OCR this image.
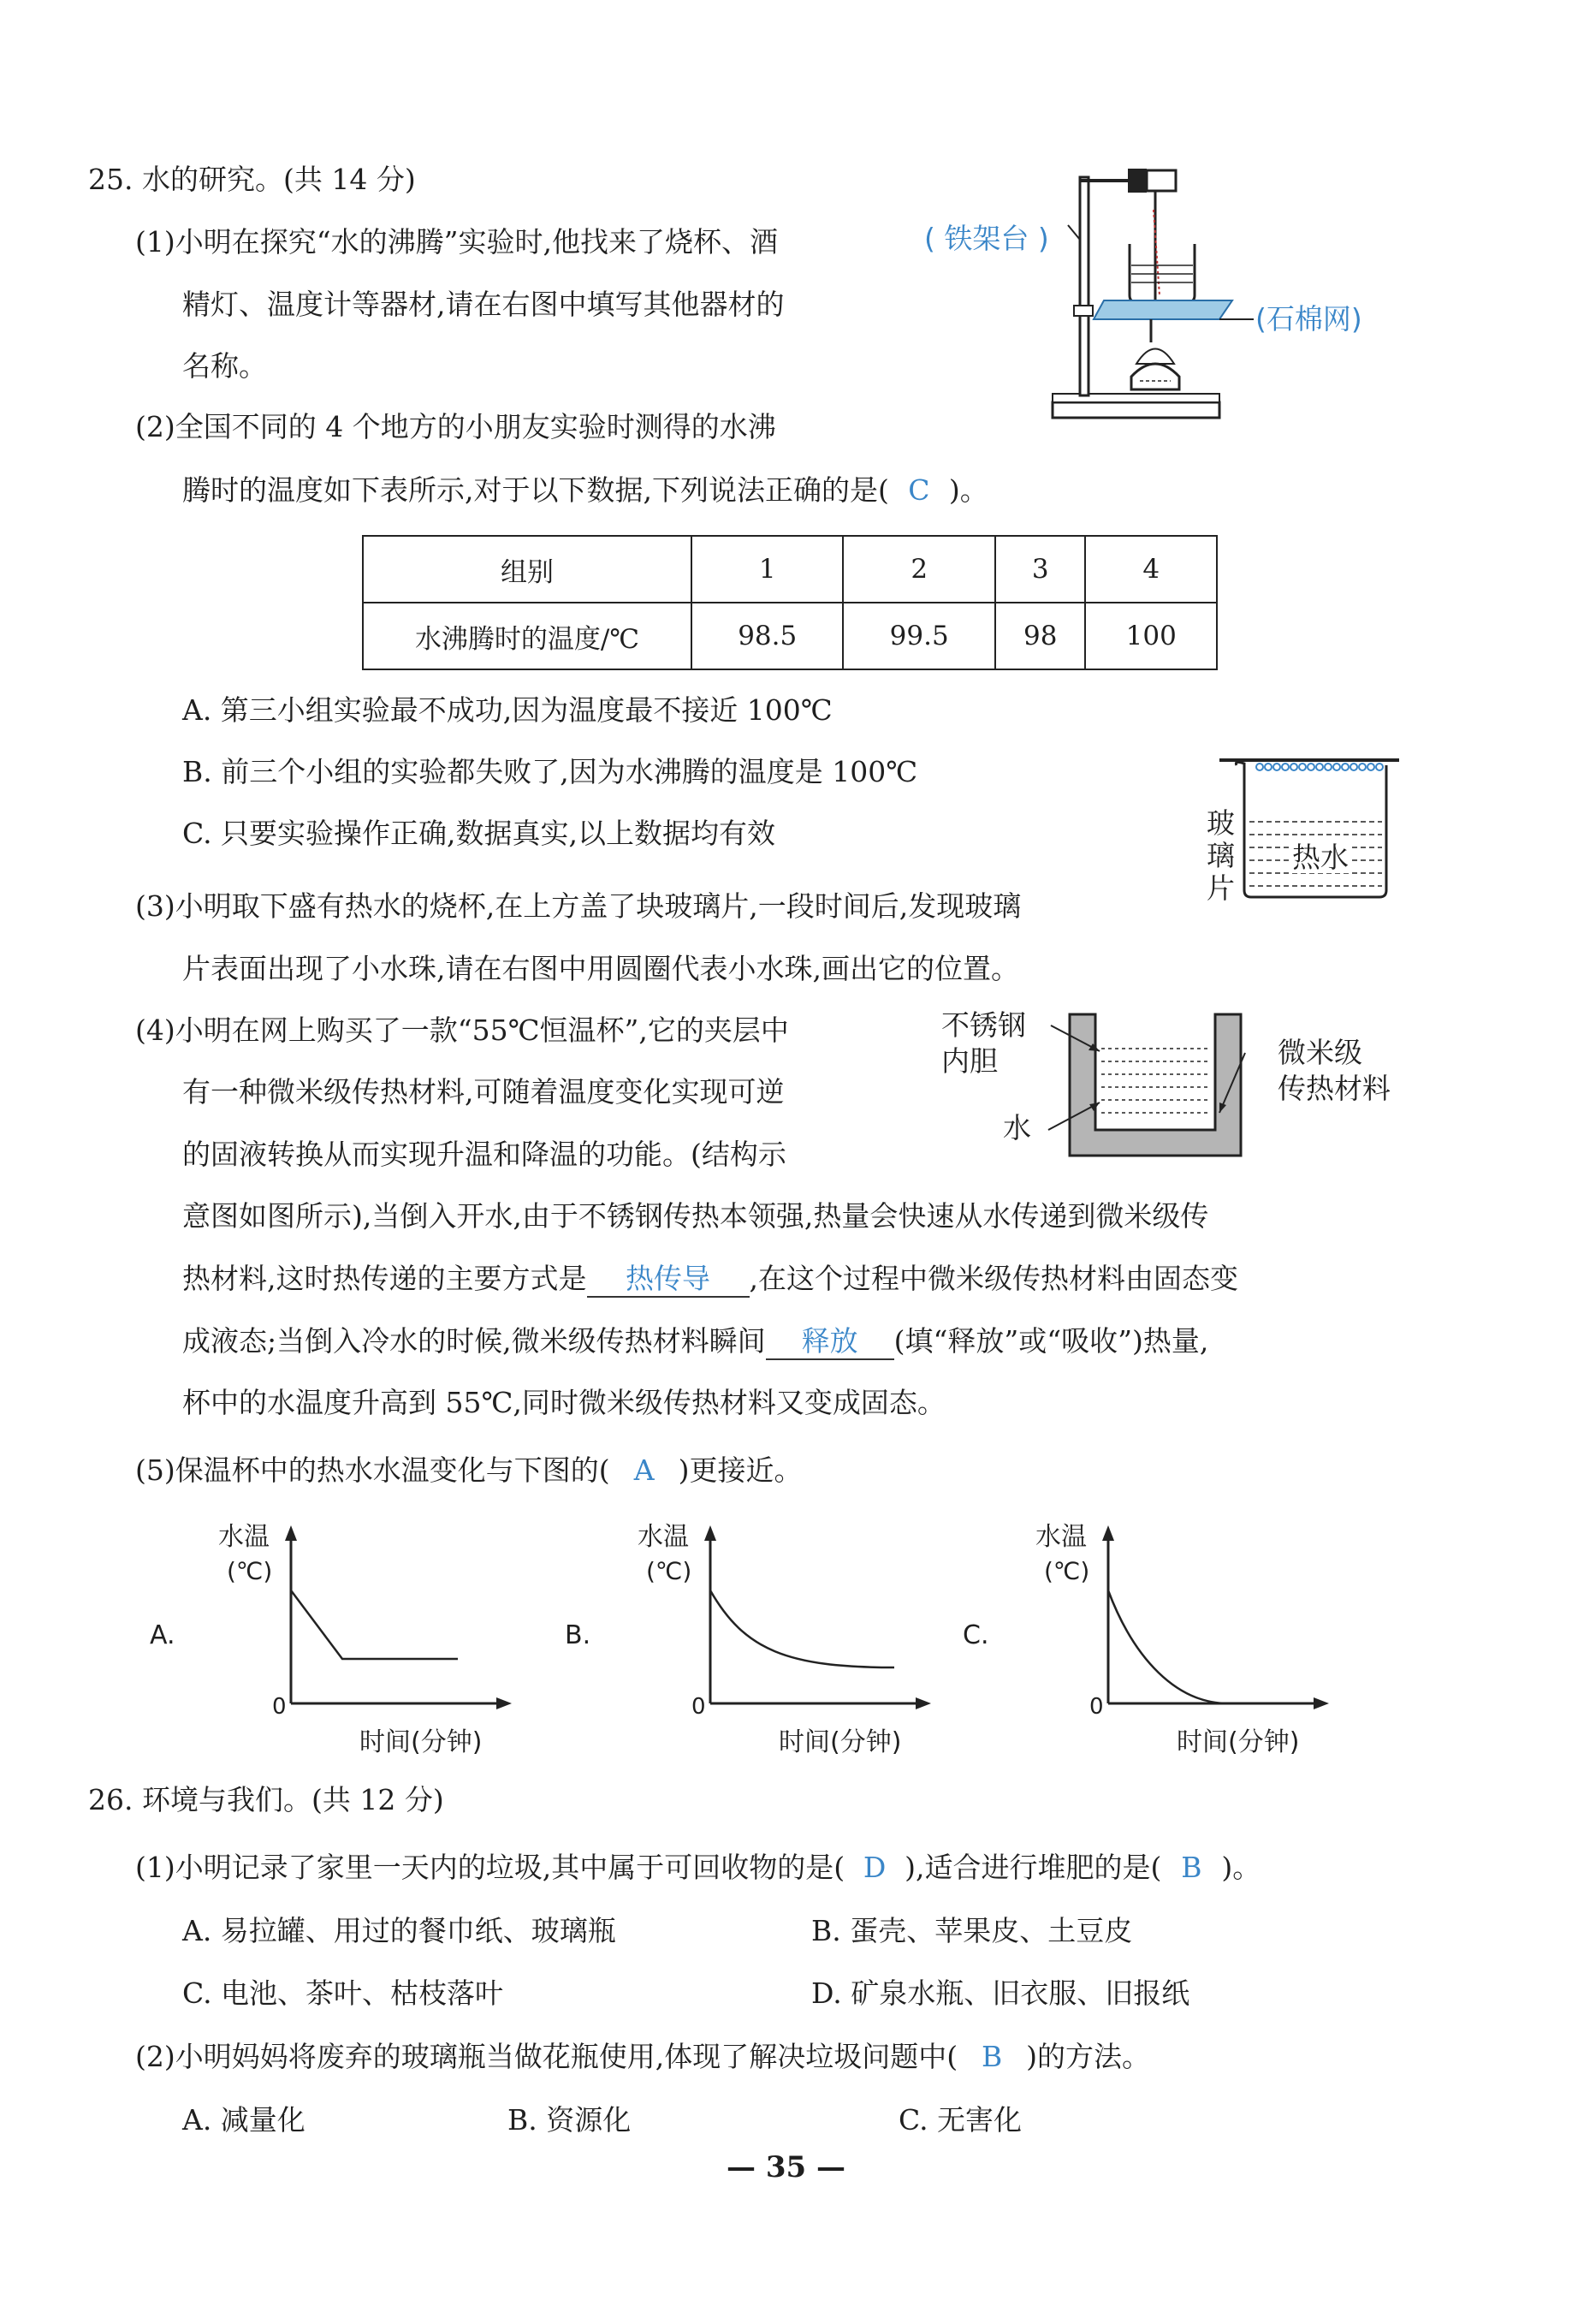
25. 水的研究。(共 14 分)
(1)小明在探究“水的沸腾”实验时,他找来了烧杯、酒
精灯、温度计等器材,请在右图中填写其他器材的
名称。
( 铁架台 )
(石棉网)
(2)全国不同的 4 个地方的小朋友实验时测得的水沸
腾时的温度如下表所示,对于以下数据,下列说法正确的是( C )。
组别	1	2	3	4
水沸腾时的温度/℃	98.5	99.5	98	100
A. 第三小组实验最不成功,因为温度最不接近 100℃
B. 前三个小组的实验都失败了,因为水沸腾的温度是 100℃
C. 只要实验操作正确,数据真实,以上数据均有效
热水
玻
璃
片
(3)小明取下盛有热水的烧杯,在上方盖了块玻璃片,一段时间后,发现玻璃
片表面出现了小水珠,请在右图中用圆圈代表小水珠,画出它的位置。
(4)小明在网上购买了一款“55℃恒温杯”,它的夹层中
有一种微米级传热材料,可随着温度变化实现可逆
的固液转换从而实现升温和降温的功能。(结构示
不锈钢
内胆
水
微米级
传热材料
意图如图所示),当倒入开水,由于不锈钢传热本领强,热量会快速从水传递到微米级传
热材料,这时热传递的主要方式是 热传导 ,在这个过程中微米级传热材料由固态变
成液态;当倒入冷水的时候,微米级传热材料瞬间 释放 (填“释放”或“吸收”)热量,
杯中的水温度升高到 55℃,同时微米级传热材料又变成固态。
(5)保温杯中的热水水温变化与下图的( A )更接近。
水温
(℃)
A.
0
时间(分钟)
水温
(℃)
B.
0
时间(分钟)
水温
(℃)
C.
0
时间(分钟)
26. 环境与我们。(共 12 分)
(1)小明记录了家里一天内的垃圾,其中属于可回收物的是( D ),适合进行堆肥的是( B )。
A. 易拉罐、用过的餐巾纸、玻璃瓶	B. 蛋壳、苹果皮、土豆皮
C. 电池、茶叶、枯枝落叶	D. 矿泉水瓶、旧衣服、旧报纸
(2)小明妈妈将废弃的玻璃瓶当做花瓶使用,体现了解决垃圾问题中( B )的方法。
A. 减量化	B. 资源化	C. 无害化
— 35 —
